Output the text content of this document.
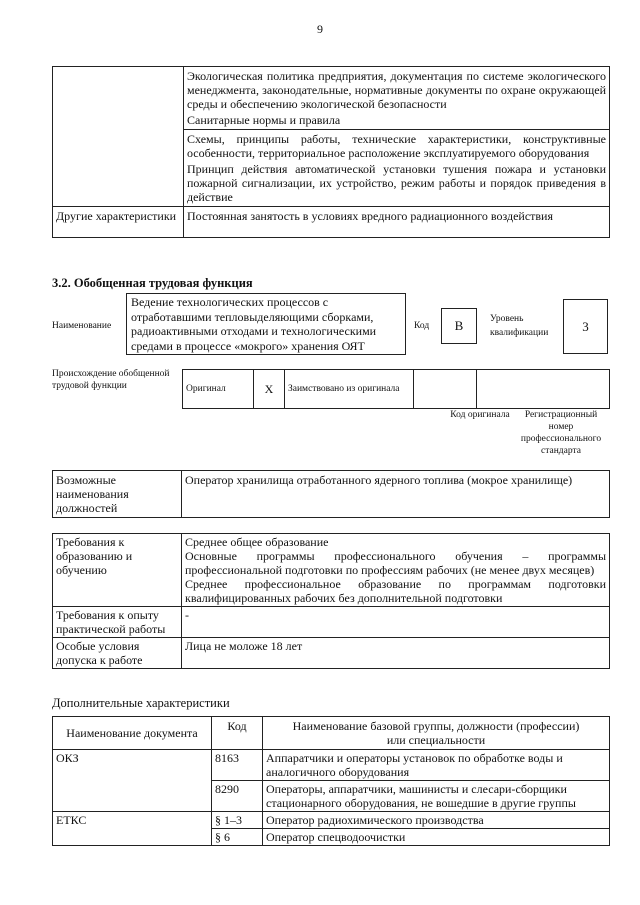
9

	Экологическая политика предприятия, документация по системе экологического менеджмента, законодательные, нормативные документы по охране окружающей среды и обеспечению экологической безопасности
Санитарные нормы и правила

	Схемы, принципы работы, технические характеристики, конструктивные особенности, территориальное расположение эксплуатируемого оборудования
Принцип действия автоматической установки тушения пожара и установки пожарной сигнализации, их устройство, режим работы и порядок приведения в действие

Другие характеристики	Постоянная занятость в условиях вредного радиационного воздействия
3.2. Обобщенная трудовая функция
Наименование
Ведение технологических процессов с отработавшими тепловыделяющими сборками, радиоактивными отходами и технологическими средами в процессе «мокрого» хранения ОЯТ
Код	В	Уровень квалификации	3
Происхождение обобщенной трудовой функции	Оригинал	X	Заимствовано из оригинала		
Код оригинала	Регистрационный номер профессионального стандарта
Возможные наименования должностей	Оператор хранилища отработанного ядерного топлива (мокрое хранилище)
Требования к образованию и обучению	Среднее общее образование
Основные программы профессионального обучения – программы профессиональной подготовки по профессиям рабочих (не менее двух месяцев)
Среднее профессиональное образование по программам подготовки квалифицированных рабочих без дополнительной подготовки

Требования к опыту практической работы	-
Особые условия допуска к работе	Лица не моложе 18 лет
Дополнительные характеристики
Наименование документа	Код	Наименование базовой группы, должности (профессии) или специальности
ОКЗ	8163	Аппаратчики и операторы установок по обработке воды и аналогичного оборудования
	8290	Операторы, аппаратчики, машинисты и слесари-сборщики стационарного оборудования, не вошедшие в другие группы
ЕТКС	§ 1–3	Оператор радиохимического производства
	§ 6	Оператор спецводоочистки
